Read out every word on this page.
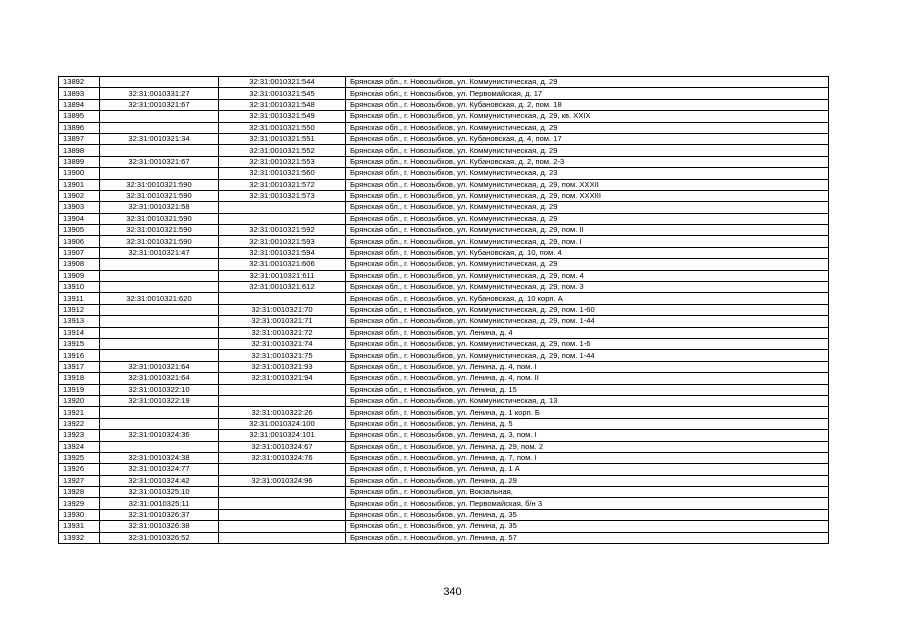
13892		32:31:0010321:544	Брянская обл., г. Новозыбков, ул. Коммунистическая, д. 29
13893	32:31:0010331:27	32:31:0010321:545	Брянская обл., г. Новозыбков, ул. Первомайская, д. 17
13894	32:31:0010321:67	32:31:0010321:548	Брянская обл., г. Новозыбков, ул. Кубановская, д. 2, пом. 18
13895		32:31:0010321:549	Брянская обл., г. Новозыбков, ул. Коммунистическая, д. 29, кв. XXIX
13896		32:31:0010321:550	Брянская обл., г. Новозыбков, ул. Коммунистическая, д. 29
13897	32:31:0010321:34	32:31:0010321:551	Брянская обл., г. Новозыбков, ул. Кубановская, д. 4, пом. 17
13898		32:31:0010321:552	Брянская обл., г. Новозыбков, ул. Коммунистическая, д. 29
13899	32:31:0010321:67	32:31:0010321:553	Брянская обл., г. Новозыбков, ул. Кубановская, д. 2, пом. 2-3
13900		32:31:0010321:560	Брянская обл., г. Новозыбков, ул. Коммунистическая, д. 23
13901	32:31:0010321:590	32:31:0010321:572	Брянская обл., г. Новозыбков, ул. Коммунистическая, д. 29, пом. XXXII
13902	32:31:0010321:590	32:31:0010321:573	Брянская обл., г. Новозыбков, ул. Коммунистическая, д. 29, пом. XXXIII
13903	32:31:0010321:58		Брянская обл., г. Новозыбков, ул. Коммунистическая, д. 29
13904	32:31:0010321:590		Брянская обл., г. Новозыбков, ул. Коммунистическая, д. 29
13905	32:31:0010321:590	32:31:0010321:592	Брянская обл., г. Новозыбков, ул. Коммунистическая, д. 29, пом. II
13906	32:31:0010321:590	32:31:0010321:593	Брянская обл., г. Новозыбков, ул. Коммунистическая, д. 29, пом. I
13907	32:31:0010321:47	32:31:0010321:594	Брянская обл., г. Новозыбков, ул. Кубановская, д. 10, пом. 4
13908		32:31:0010321:606	Брянская обл., г. Новозыбков, ул. Коммунистическая, д. 29
13909		32:31:0010321:611	Брянская обл., г. Новозыбков, ул. Коммунистическая, д. 29, пом. 4
13910		32:31:0010321:612	Брянская обл., г. Новозыбков, ул. Коммунистическая, д. 29, пом. 3
13911	32:31:0010321:620		Брянская обл., г. Новозыбков, ул. Кубановская, д. 10 корп. А
13912		32:31:0010321:70	Брянская обл., г. Новозыбков, ул. Коммунистическая, д. 29, пом. 1-60
13913		32:31:0010321:71	Брянская обл., г. Новозыбков, ул. Коммунистическая, д. 29, пом. 1-44
13914		32:31:0010321:72	Брянская обл., г. Новозыбков, ул. Ленина, д. 4
13915		32:31:0010321:74	Брянская обл., г. Новозыбков, ул. Коммунистическая, д. 29, пом. 1-6
13916		32:31:0010321:75	Брянская обл., г. Новозыбков, ул. Коммунистическая, д. 29, пом. 1-44
13917	32:31:0010321:64	32:31:0010321:93	Брянская обл., г. Новозыбков, ул. Ленина, д. 4, пом. I
13918	32:31:0010321:64	32:31:0010321:94	Брянская обл., г. Новозыбков, ул. Ленина, д. 4, пом. II
13919	32:31:0010322:10		Брянская обл., г. Новозыбков, ул. Ленина, д. 15
13920	32:31:0010322:19		Брянская обл., г. Новозыбков, ул. Коммунистическая, д. 13
13921		32:31:0010322:26	Брянская обл., г. Новозыбков, ул. Ленина, д. 1 корп. Б
13922		32:31:0010324:100	Брянская обл., г. Новозыбков, ул. Ленина, д. 5
13923	32:31:0010324:36	32:31:0010324:101	Брянская обл., г. Новозыбков, ул. Ленина, д. 3, пом. I
13924		32:31:0010324:67	Брянская обл., г. Новозыбков, ул. Ленина, д. 29, пом. 2
13925	32:31:0010324:38	32:31:0010324:76	Брянская обл., г. Новозыбков, ул. Ленина, д. 7, пом. I
13926	32:31:0010324:77		Брянская обл., г. Новозыбков, ул. Ленина, д. 1 А
13927	32:31:0010324:42	32:31:0010324:96	Брянская обл., г. Новозыбков, ул. Ленина, д. 29
13928	32:31:0010325:10		Брянская обл., г. Новозыбков, ул. Вокзальная,
13929	32:31:0010325:11		Брянская обл., г. Новозыбков, ул. Первомайская, б/н 3
13930	32:31:0010326:37		Брянская обл., г. Новозыбков, ул. Ленина, д. 35
13931	32:31:0010326:38		Брянская обл., г. Новозыбков, ул. Ленина, д. 35
13932	32:31:0010326:52		Брянская обл., г. Новозыбков, ул. Ленина, д. 57
340
